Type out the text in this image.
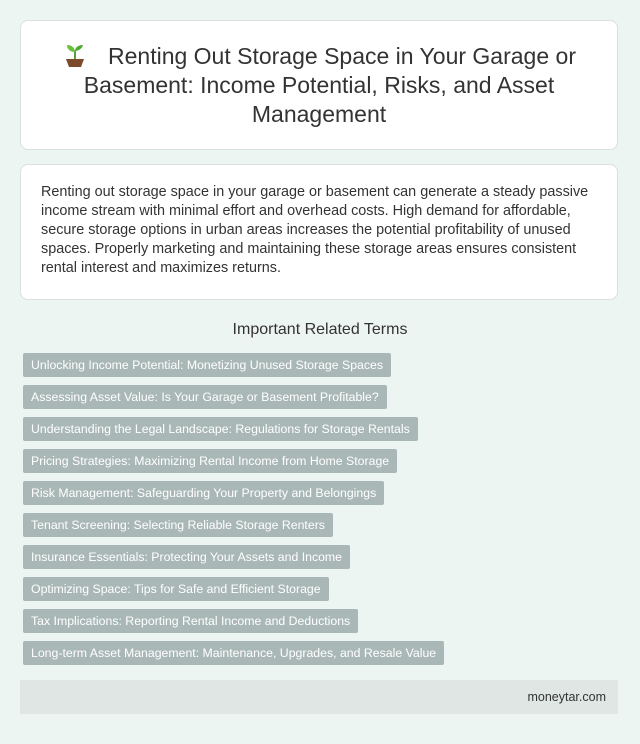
Renting Out Storage Space in Your Garage or Basement: Income Potential, Risks, and Asset Management

Renting out storage space in your garage or basement can generate a steady passive income stream with minimal effort and overhead costs. High demand for affordable, secure storage options in urban areas increases the potential profitability of unused spaces. Properly marketing and maintaining these storage areas ensures consistent rental interest and maximizes returns.

Important Related Terms
Unlocking Income Potential: Monetizing Unused Storage Spaces
Assessing Asset Value: Is Your Garage or Basement Profitable?
Understanding the Legal Landscape: Regulations for Storage Rentals
Pricing Strategies: Maximizing Rental Income from Home Storage
Risk Management: Safeguarding Your Property and Belongings
Tenant Screening: Selecting Reliable Storage Renters
Insurance Essentials: Protecting Your Assets and Income
Optimizing Space: Tips for Safe and Efficient Storage
Tax Implications: Reporting Rental Income and Deductions
Long-term Asset Management: Maintenance, Upgrades, and Resale Value
moneytar.com
